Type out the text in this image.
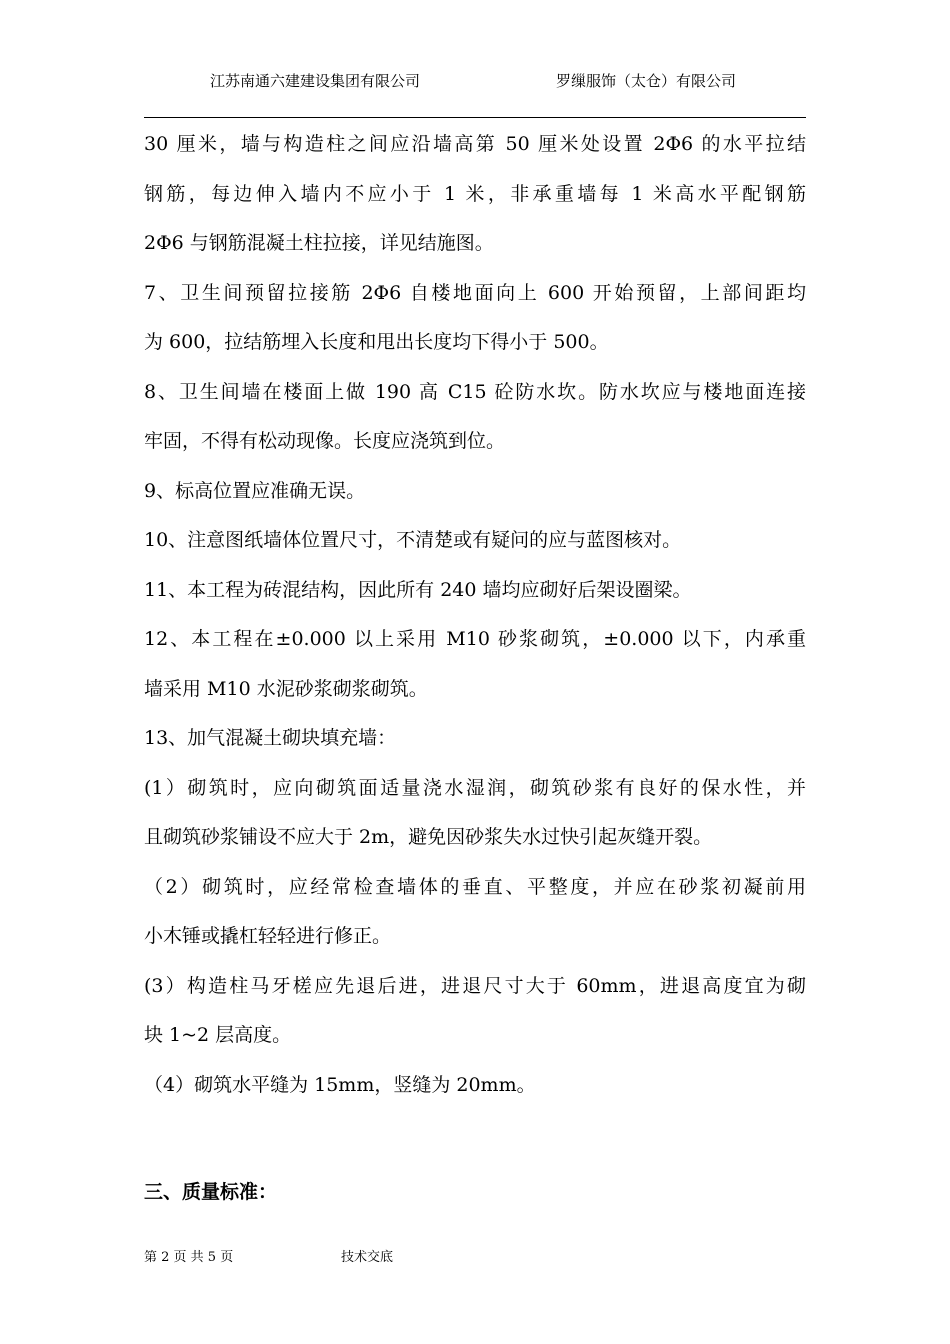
江苏南通六建建设集团有限公司	罗缫服饰（太仓）有限公司
30 厘米，墙与构造柱之间应沿墙高第 50 厘米处设置 2Φ6 的水平拉结
钢筋，每边伸入墙内不应小于 1 米，非承重墙每 1 米高水平配钢筋
2Φ6 与钢筋混凝土柱拉接，详见结施图。
7、卫生间预留拉接筋 2Φ6 自楼地面向上 600 开始预留，上部间距均
为 600，拉结筋埋入长度和甩出长度均下得小于 500。
8、卫生间墙在楼面上做 190 高 C15 砼防水坎。防水坎应与楼地面连接
牢固，不得有松动现像。长度应浇筑到位。
9、标高位置应准确无误。
10、注意图纸墙体位置尺寸，不清楚或有疑问的应与蓝图核对。
11、本工程为砖混结构，因此所有 240 墙均应砌好后架设圈梁。
12、本工程在±0.000 以上采用 M10 砂浆砌筑，±0.000 以下，内承重
墙采用 M10 水泥砂浆砌浆砌筑。
13、加气混凝土砌块填充墙：
(1）砌筑时，应向砌筑面适量浇水湿润，砌筑砂浆有良好的保水性，并
且砌筑砂浆铺设不应大于 2m，避免因砂浆失水过快引起灰缝开裂。
（2）砌筑时，应经常检查墙体的垂直、平整度，并应在砂浆初凝前用
小木锤或撬杠轻轻进行修正。
(3）构造柱马牙槎应先退后进，进退尺寸大于 60mm，进退高度宜为砌
块 1~2 层高度。
（4）砌筑水平缝为 15mm，竖缝为 20mm。
三、质量标准：
第 2 页 共 5 页	技术交底
